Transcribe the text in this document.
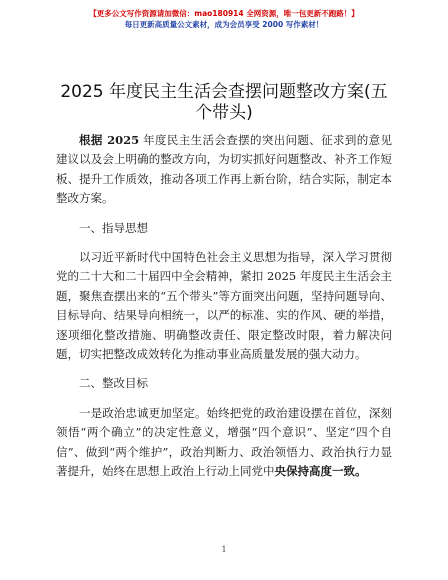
【更多公文写作资源请加微信：mao180914 全网资源，唯一包更新不跑路！】
每日更新高质量公文素材，成为会员享受 2000 写作素材！
2025 年度民主生活会查摆问题整改方案(五个带头)

根据 2025 年度民主生活会查摆的突出问题、征求到的意见建议以及会上明确的整改方向，为切实抓好问题整改、补齐工作短板、提升工作质效，推动各项工作再上新台阶，结合实际，制定本整改方案。

一、指导思想

以习近平新时代中国特色社会主义思想为指导，深入学习贯彻党的二十大和二十届四中全会精神，紧扣 2025 年度民主生活会主题，聚焦查摆出来的“五个带头”等方面突出问题，坚持问题导向、目标导向、结果导向相统一，以严的标准、实的作风、硬的举措，逐项细化整改措施、明确整改责任、限定整改时限，着力解决问题，切实把整改成效转化为推动事业高质量发展的强大动力。

二、整改目标

一是政治忠诚更加坚定。始终把党的政治建设摆在首位，深刻领悟“两个确立”的决定性意义，增强“四个意识”、坚定“四个自信”、做到“两个维护”，政治判断力、政治领悟力、政治执行力显著提升，始终在思想上政治上行动上同党中央保持高度一致。

1
